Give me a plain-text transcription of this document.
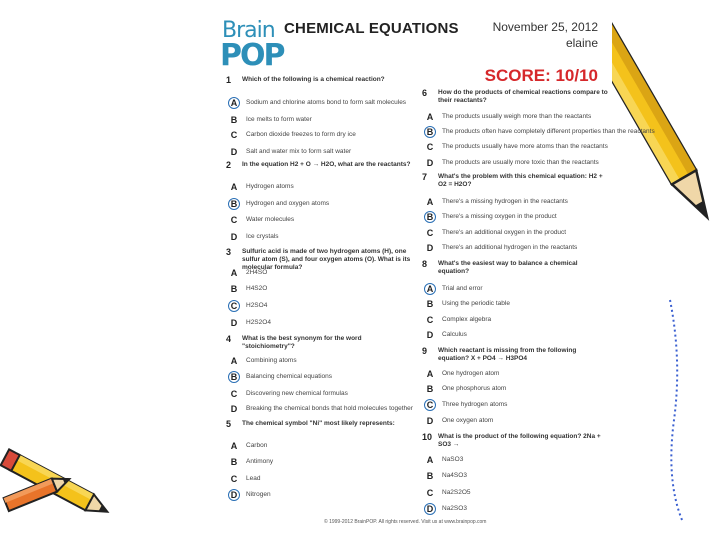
Brain
POP
CHEMICAL EQUATIONS	November 25, 2012
elaine
SCORE: 10/10
1 Which of the following is a chemical reaction?
A	Sodium and chlorine atoms bond to form salt molecules
B	Ice melts to form water
C	Carbon dioxide freezes to form dry ice
D	Salt and water mix to form salt water
2 In the equation H2 + O → H2O, what are the reactants?
A	Hydrogen atoms
B	Hydrogen and oxygen atoms
C	Water molecules
D	Ice crystals
3 Sulfuric acid is made of two hydrogen atoms (H), one sulfur atom (S), and four oxygen atoms (O). What is its molecular formula?
A	2H4SO
B	H4S2O
C	H2SO4
D	H2S2O4
4 What is the best synonym for the word "stoichiometry"?
A	Combining atoms
B	Balancing chemical equations
C	Discovering new chemical formulas
D	Breaking the chemical bonds that hold molecules together
5 The chemical symbol "Ni" most likely represents:
A	Carbon
B	Antimony
C	Lead
D	Nitrogen
6 How do the products of chemical reactions compare to their reactants?
A	The products usually weigh more than the reactants
B	The products often have completely different properties than the reactants
C	The products usually have more atoms than the reactants
D	The products are usually more toxic than the reactants
7 What's the problem with this chemical equation: H2 + O2 = H2O?
A	There's a missing hydrogen in the reactants
B	There's a missing oxygen in the product
C	There's an additional oxygen in the product
D	There's an additional hydrogen in the reactants
8 What's the easiest way to balance a chemical equation?
A	Trial and error
B	Using the periodic table
C	Complex algebra
D	Calculus
9 Which reactant is missing from the following equation? X + PO4 → H3PO4
A	One hydrogen atom
B	One phosphorus atom
C	Three hydrogen atoms
D	One oxygen atom
10 What is the product of the following equation? 2Na + SO3 →
A	NaSO3
B	Na4SO3
C	Na2S2O5
D	Na2SO3
© 1999-2012 BrainPOP. All rights reserved. Visit us at www.brainpop.com
